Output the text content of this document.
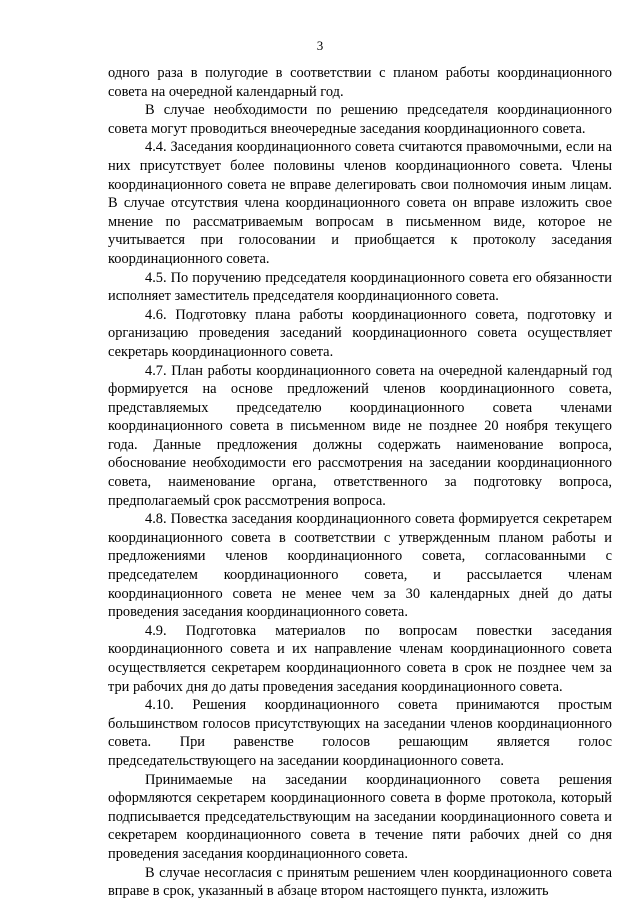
3

одного раза в полугодие в соответствии с планом работы координационного совета на очередной календарный год.

В случае необходимости по решению председателя координационного совета могут проводиться внеочередные заседания координационного совета.

4.4. Заседания координационного совета считаются правомочными, если на них присутствует более половины членов координационного совета. Члены координационного совета не вправе делегировать свои полномочия иным лицам. В случае отсутствия члена координационного совета он вправе изложить свое мнение по рассматриваемым вопросам в письменном виде, которое не учитывается при голосовании и приобщается к протоколу заседания координационного совета.

4.5. По поручению председателя координационного совета его обязанности исполняет заместитель председателя координационного совета.

4.6. Подготовку плана работы координационного совета, подготовку и организацию проведения заседаний координационного совета осуществляет секретарь координационного совета.

4.7. План работы координационного совета на очередной календарный год формируется на основе предложений членов координационного совета, представляемых председателю координационного совета членами координационного совета в письменном виде не позднее 20 ноября текущего года. Данные предложения должны содержать наименование вопроса, обоснование необходимости его рассмотрения на заседании координационного совета, наименование органа, ответственного за подготовку вопроса, предполагаемый срок рассмотрения вопроса.

4.8. Повестка заседания координационного совета формируется секретарем координационного совета в соответствии с утвержденным планом работы и предложениями членов координационного совета, согласованными с председателем координационного совета, и рассылается членам координационного совета не менее чем за 30 календарных дней до даты проведения заседания координационного совета.

4.9. Подготовка материалов по вопросам повестки заседания координационного совета и их направление членам координационного совета осуществляется секретарем координационного совета в срок не позднее чем за три рабочих дня до даты проведения заседания координационного совета.

4.10. Решения координационного совета принимаются простым большинством голосов присутствующих на заседании членов координационного совета. При равенстве голосов решающим является голос председательствующего на заседании координационного совета.

Принимаемые на заседании координационного совета решения оформляются секретарем координационного совета в форме протокола, который подписывается председательствующим на заседании координационного совета и секретарем координационного совета в течение пяти рабочих дней со дня проведения заседания координационного совета.

В случае несогласия с принятым решением член координационного совета вправе в срок, указанный в абзаце втором настоящего пункта, изложить
